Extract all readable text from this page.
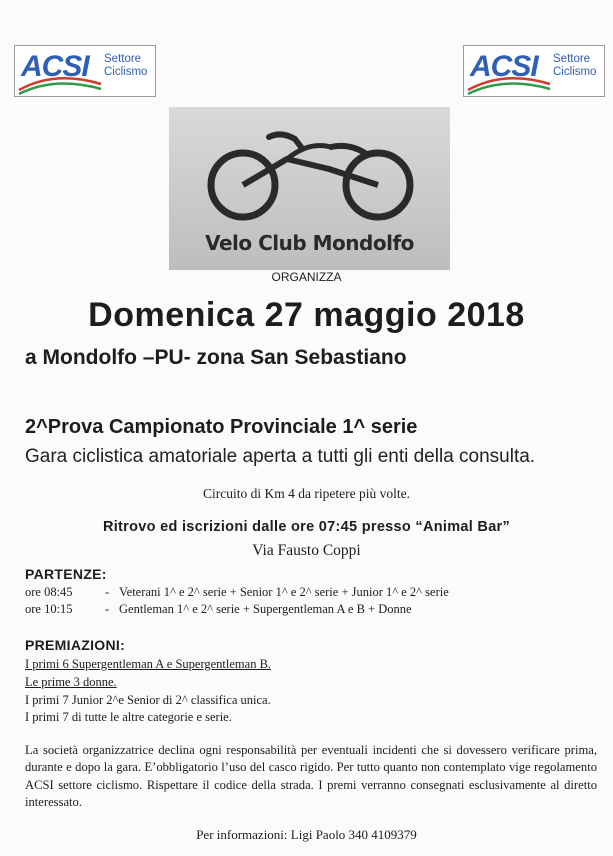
ACSI Settore
Ciclismo	ACSI Settore
Ciclismo
Velo Club Mondolfo
ORGANIZZA
Domenica 27 maggio 2018
a Mondolfo –PU- zona San Sebastiano
2^Prova Campionato Provinciale 1^ serie
Gara ciclistica amatoriale aperta a tutti gli enti della consulta.
Circuito di Km 4 da ripetere più volte.
Ritrovo ed iscrizioni dalle ore 07:45 presso “Animal Bar”
Via Fausto Coppi
PARTENZE:
ore 08:45	- Veterani 1^ e 2^ serie + Senior 1^ e 2^ serie + Junior 1^ e 2^ serie
ore 10:15	- Gentleman 1^ e 2^ serie + Supergentleman A e B + Donne
PREMIAZIONI:
I primi 6 Supergentleman A e Supergentleman B.
Le prime 3 donne.
I primi 7 Junior 2^e Senior di 2^ classifica unica.
I primi 7 di tutte le altre categorie e serie.
La società organizzatrice declina ogni responsabilità per eventuali incidenti che si dovessero verificare prima, durante e dopo la gara. E’obbligatorio l’uso del casco rigido. Per tutto quanto non contemplato vige regolamento ACSI settore ciclismo. Rispettare il codice della strada. I premi verranno consegnati esclusivamente al diretto interessato.
Per informazioni: Ligi Paolo 340 4109379
